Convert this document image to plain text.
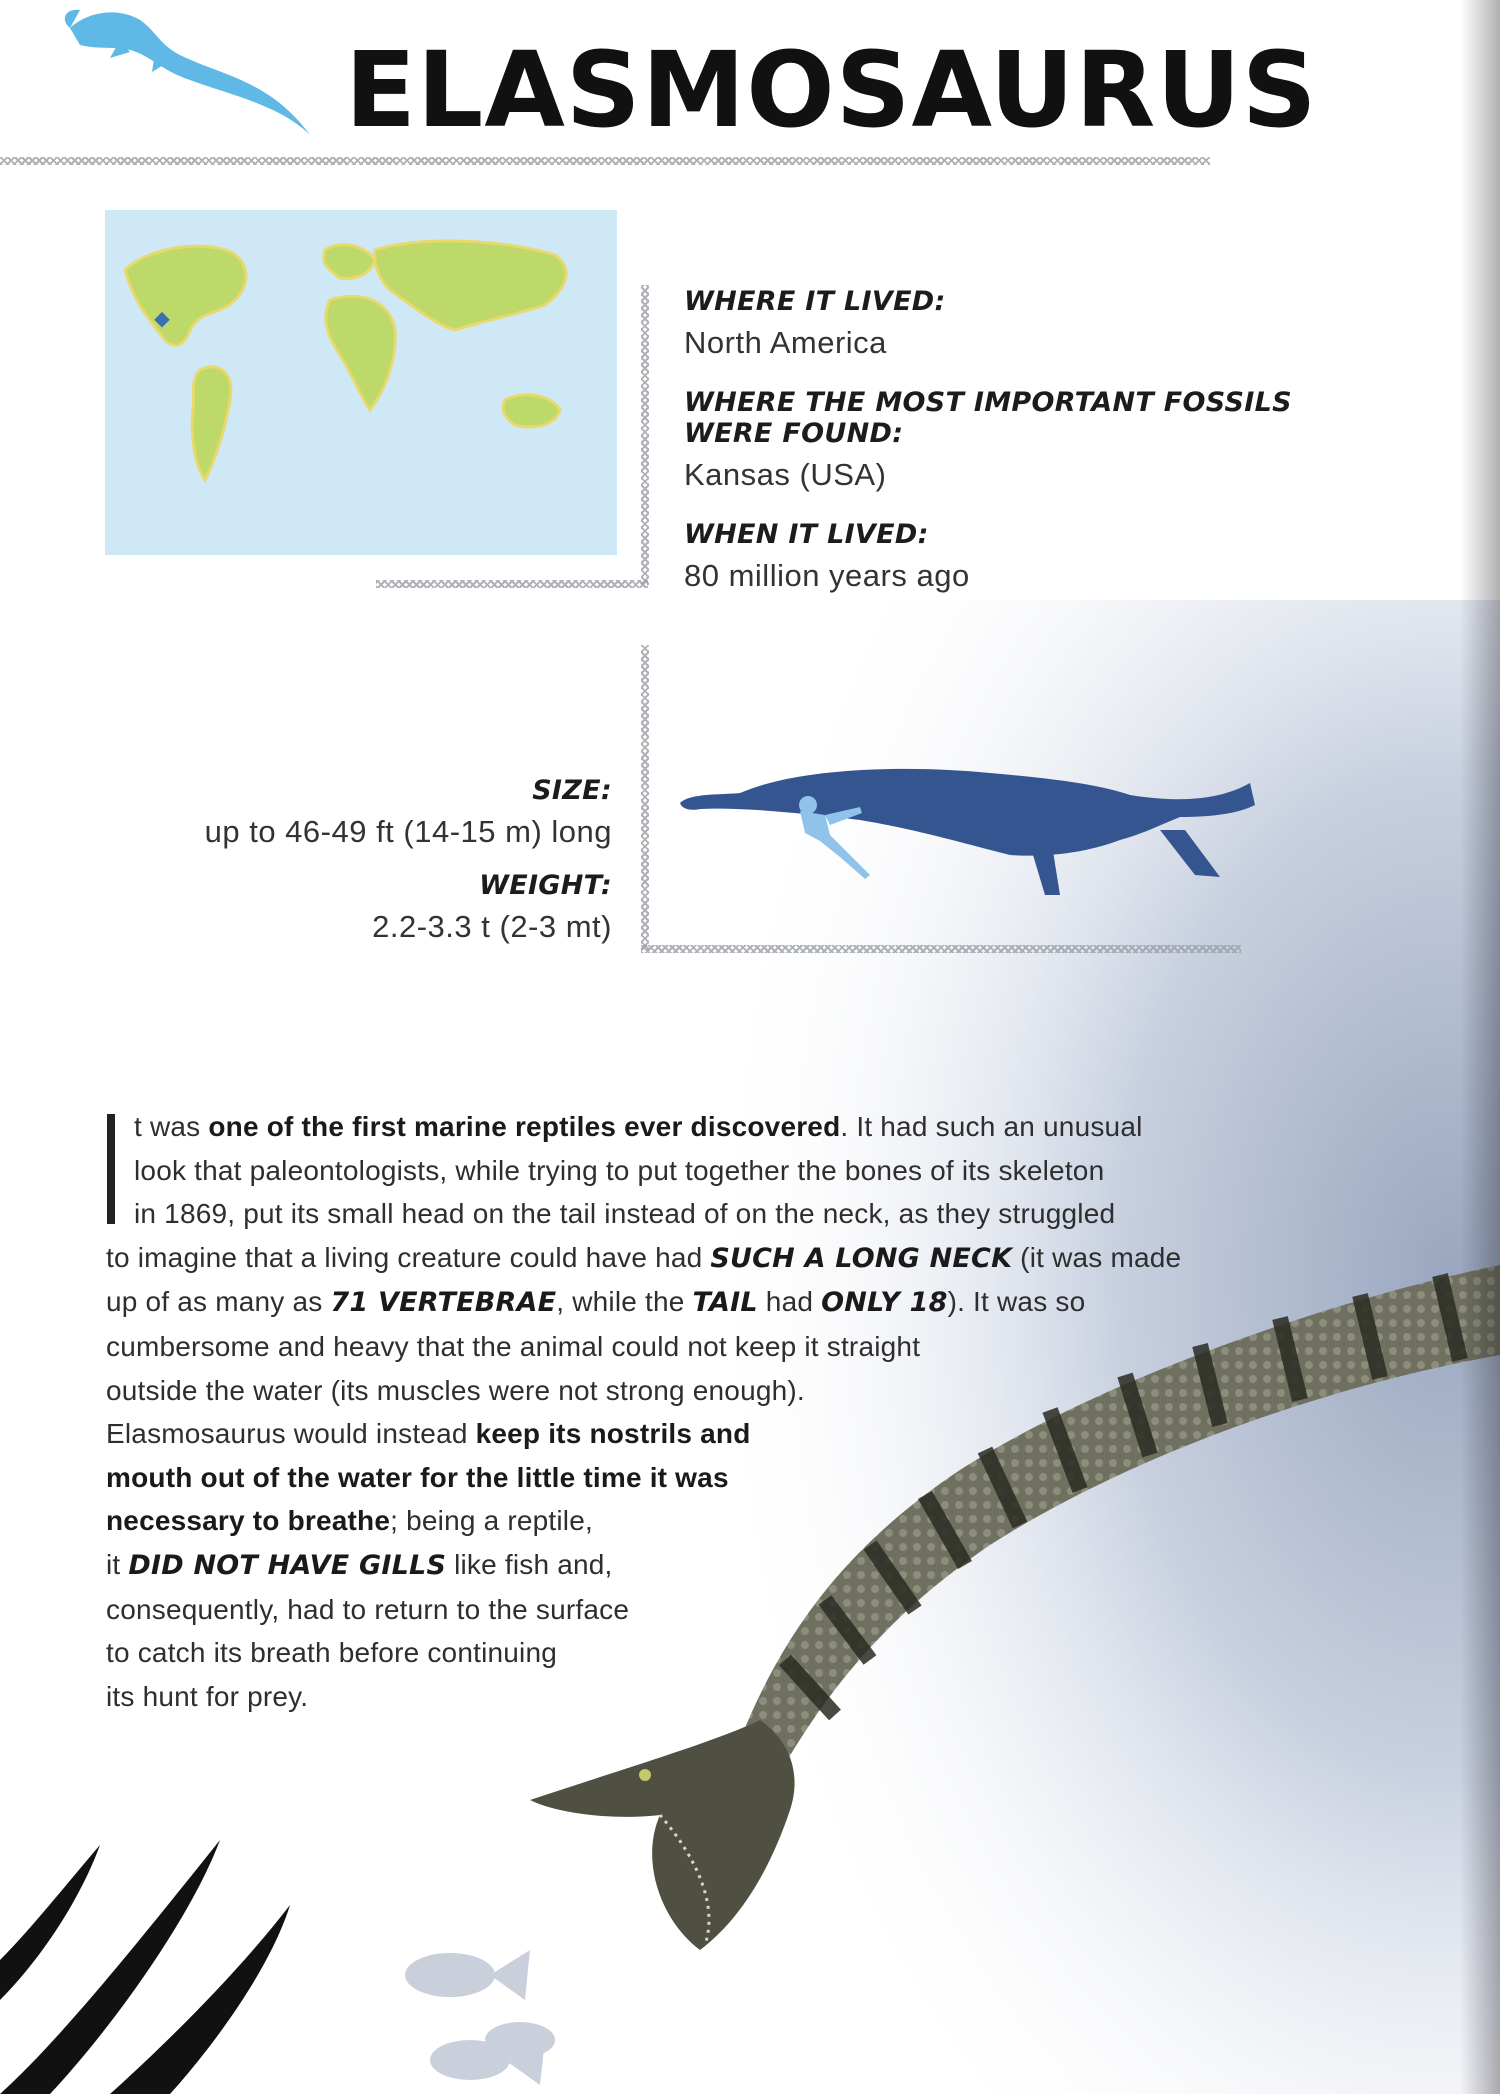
ELASMOSAURUS

WHERE IT LIVED:

North America

WHERE THE MOST IMPORTANT FOSSILS WERE FOUND:

Kansas (USA)

WHEN IT LIVED:

80 million years ago

SIZE:

up to 46-49 ft (14-15 m) long

WEIGHT:

2.2-3.3 t (2-3 mt)

t was one of the first marine reptiles ever discovered. It had such an unusual
look that paleontologists, while trying to put together the bones of its skeleton
in 1869, put its small head on the tail instead of on the neck, as they struggled
to imagine that a living creature could have had SUCH A LONG NECK (it was made
up of as many as 71 VERTEBRAE, while the TAIL had ONLY 18). It was so
cumbersome and heavy that the animal could not keep it straight
outside the water (its muscles were not strong enough).
Elasmosaurus would instead keep its nostrils and
mouth out of the water for the little time it was
necessary to breathe; being a reptile,
it DID NOT HAVE GILLS like fish and,
consequently, had to return to the surface
to catch its breath before continuing
its hunt for prey.
